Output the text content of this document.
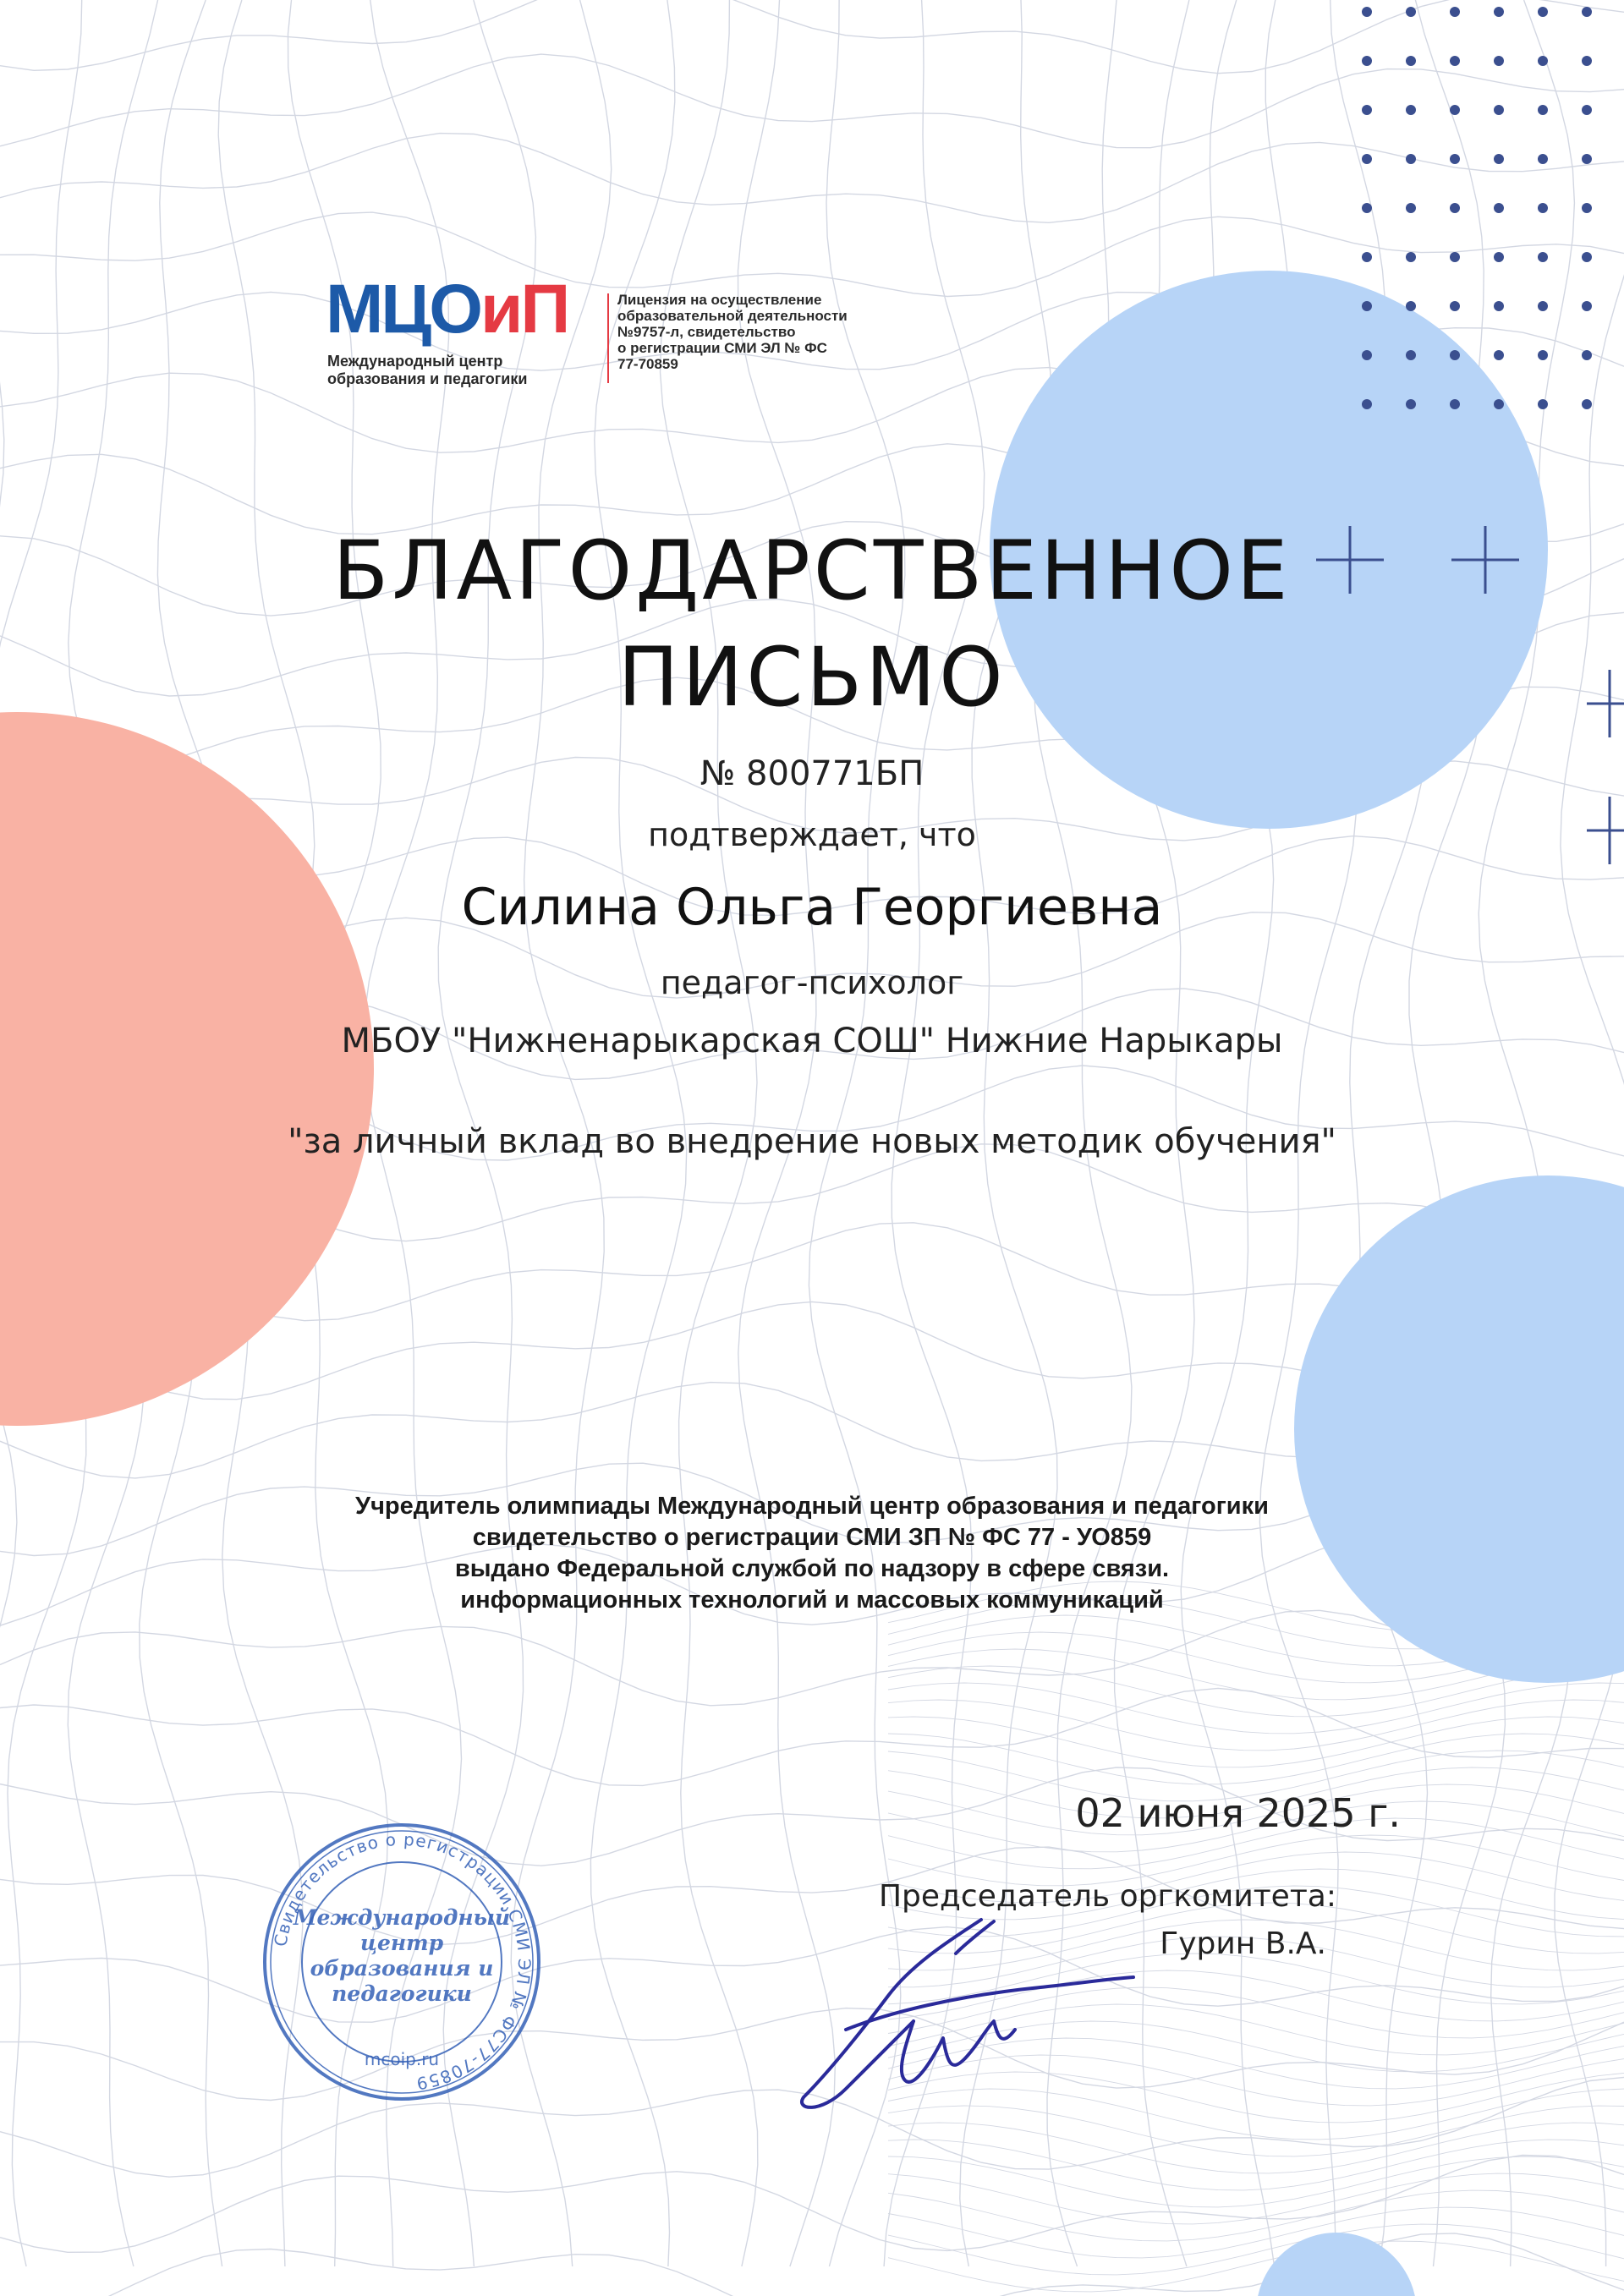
МЦОиП
Международный центр
образования и педагогики
Лицензия на осуществление
образовательной деятельности
№9757-л, свидетельство
о регистрации СМИ ЭЛ № ФС
77-70859
БЛАГОДАРСТВЕННОЕ
ПИСЬМО
№ 800771БП
подтверждает, что
Силина Ольга Георгиевна
педагог-психолог
МБОУ "Нижненарыкарская СОШ" Нижние Нарыкары
"за личный вклад во внедрение новых методик обучения"
Учредитель олимпиады Международный центр образования и педагогики
свидетельство о регистрации СМИ ЗП № ФС 77 - УО859
выдано Федеральной службой по надзору в сфере связи.
информационных технологий и массовых коммуникаций
02 июня 2025 г.
Председатель оргкомитета:
Гурин В.А.
Свидетельство о регистрации СМИ ЭЛ № ФС77-70859
Международный
центр
образования и
педагогики
mcoip.ru
